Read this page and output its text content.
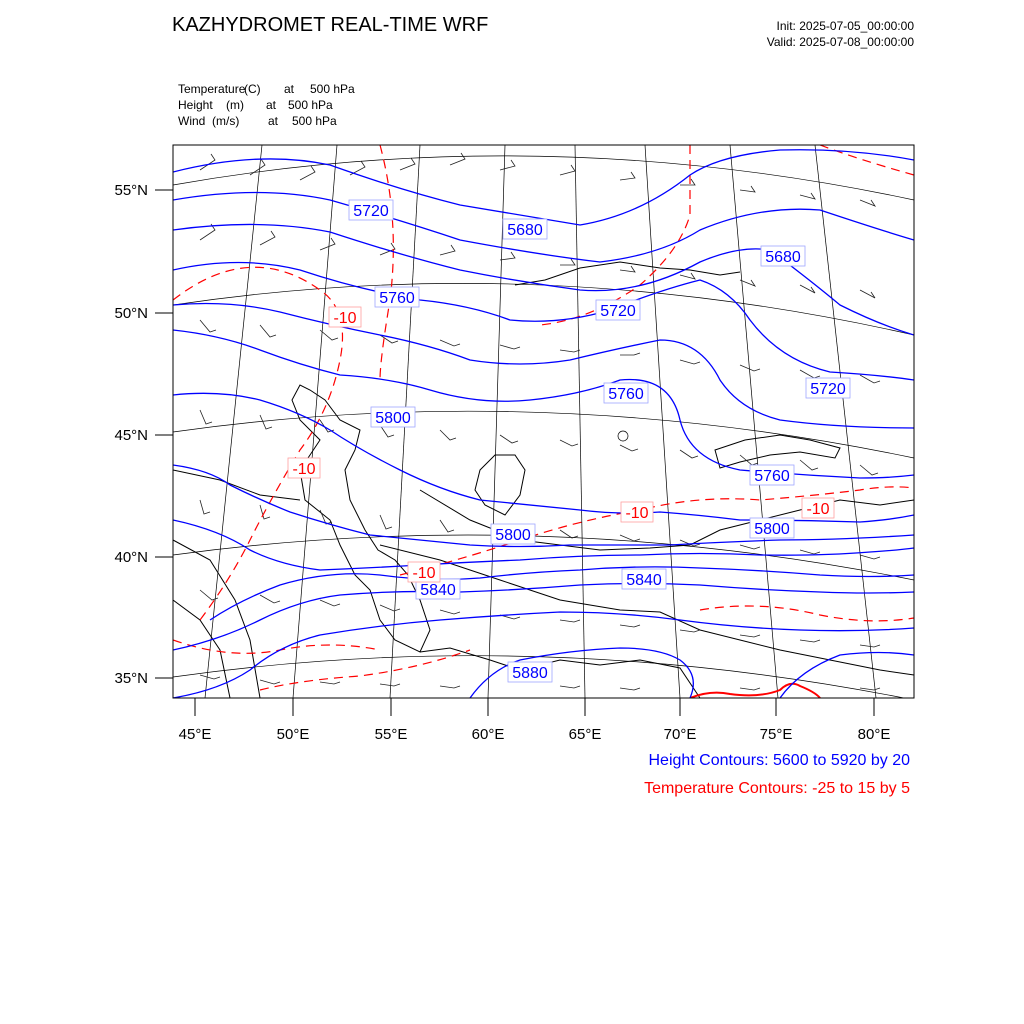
KAZHYDROMET REAL-TIME WRF	Init: 2025-07-05_00:00:00
Valid: 2025-07-08_00:00:00
Temperature(C) at 500 hPa
Height (m) at 500 hPa
Wind (m/s) at 500 hPa
55°N
50°N
45°N
40°N
35°N
45°E	50°E	55°E	60°E	65°E	70°E	75°E	80°E
5720
5680
5680
5760
5720
5760	5720
5800
5760
5800
5800
5840
5840
5880
-10
-10
-10	-10
-10
Height Contours: 5600 to 5920 by 20
Temperature Contours: -25 to 15 by 5
